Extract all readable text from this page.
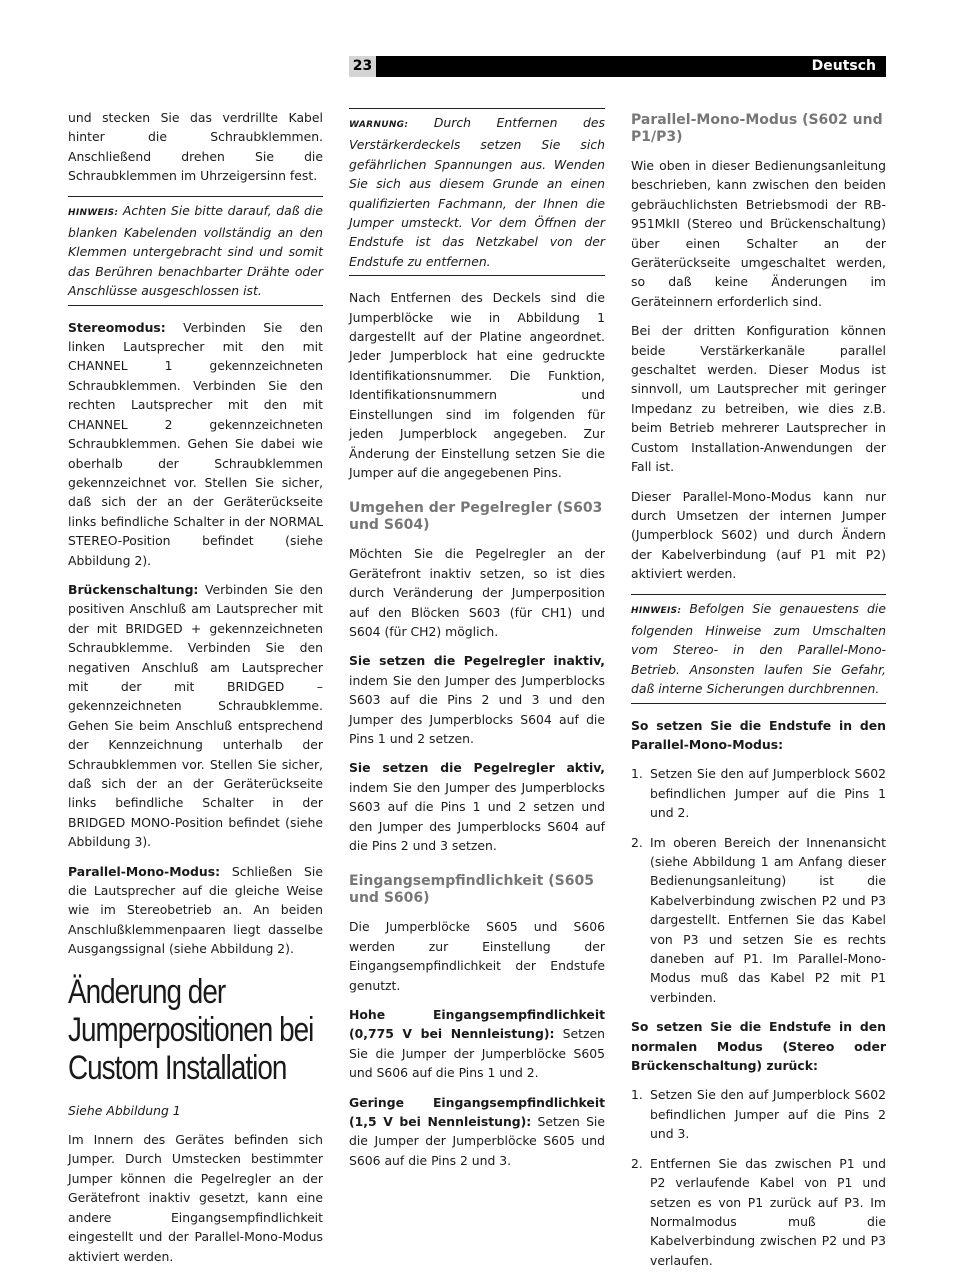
23	Deutsch

und stecken Sie das verdrillte Kabel hinter die Schraubklemmen. Anschließend drehen Sie die Schraubklemmen im Uhrzeigersinn fest.

HINWEIS: Achten Sie bitte darauf, daß die blanken Kabelenden vollständig an den Klemmen untergebracht sind und somit das Berühren benachbarter Drähte oder Anschlüsse ausgeschlossen ist.

Stereomodus: Verbinden Sie den linken Lautsprecher mit den mit CHANNEL 1 gekennzeichneten Schraubklemmen. Verbinden Sie den rechten Lautsprecher mit den mit CHANNEL 2 gekennzeichneten Schraubklemmen. Gehen Sie dabei wie oberhalb der Schraubklemmen gekennzeichnet vor. Stellen Sie sicher, daß sich der an der Geräterückseite links befindliche Schalter in der NORMAL STEREO-Position befindet (siehe Abbildung 2).

Brückenschaltung: Verbinden Sie den positiven Anschluß am Lautsprecher mit der mit BRIDGED + gekennzeichneten Schraubklemme. Verbinden Sie den negativen Anschluß am Lautsprecher mit der mit BRIDGED – gekennzeichneten Schraubklemme. Gehen Sie beim Anschluß entsprechend der Kennzeichnung unterhalb der Schraubklemmen vor. Stellen Sie sicher, daß sich der an der Geräterückseite links befindliche Schalter in der BRIDGED MONO-Position befindet (siehe Abbildung 3).

Parallel-Mono-Modus: Schließen Sie die Lautsprecher auf die gleiche Weise wie im Stereobetrieb an. An beiden Anschlußklemmenpaaren liegt dasselbe Ausgangssignal (siehe Abbildung 2).

Änderung der Jumperpositionen bei Custom Installation

Siehe Abbildung 1

Im Innern des Gerätes befinden sich Jumper. Durch Umstecken bestimmter Jumper können die Pegelregler an der Gerätefront inaktiv gesetzt, kann eine andere Eingangsempfindlichkeit eingestellt und der Parallel-Mono-Modus aktiviert werden.

WARNUNG: Durch Entfernen des Verstärkerdeckels setzen Sie sich gefährlichen Spannungen aus. Wenden Sie sich aus diesem Grunde an einen qualifizierten Fachmann, der Ihnen die Jumper umsteckt. Vor dem Öffnen der Endstufe ist das Netzkabel von der Endstufe zu entfernen.

Nach Entfernen des Deckels sind die Jumperblöcke wie in Abbildung 1 dargestellt auf der Platine angeordnet. Jeder Jumperblock hat eine gedruckte Identifikationsnummer. Die Funktion, Identifikationsnummern und Einstellungen sind im folgenden für jeden Jumperblock angegeben. Zur Änderung der Einstellung setzen Sie die Jumper auf die angegebenen Pins.

Umgehen der Pegelregler (S603 und S604)

Möchten Sie die Pegelregler an der Gerätefront inaktiv setzen, so ist dies durch Veränderung der Jumperposition auf den Blöcken S603 (für CH1) und S604 (für CH2) möglich.

Sie setzen die Pegelregler inaktiv, indem Sie den Jumper des Jumperblocks S603 auf die Pins 2 und 3 und den Jumper des Jumperblocks S604 auf die Pins 1 und 2 setzen.

Sie setzen die Pegelregler aktiv, indem Sie den Jumper des Jumperblocks S603 auf die Pins 1 und 2 setzen und den Jumper des Jumperblocks S604 auf die Pins 2 und 3 setzen.

Eingangsempfindlichkeit (S605 und S606)

Die Jumperblöcke S605 und S606 werden zur Einstellung der Eingangsempfindlichkeit der Endstufe genutzt.

Hohe Eingangsempfindlichkeit (0,775 V bei Nennleistung): Setzen Sie die Jumper der Jumperblöcke S605 und S606 auf die Pins 1 und 2.

Geringe Eingangsempfindlichkeit (1,5 V bei Nennleistung): Setzen Sie die Jumper der Jumperblöcke S605 und S606 auf die Pins 2 und 3.

Parallel-Mono-Modus (S602 und P1/P3)

Wie oben in dieser Bedienungsanleitung beschrieben, kann zwischen den beiden gebräuchlichsten Betriebsmodi der RB-951MkII (Stereo und Brückenschaltung) über einen Schalter an der Geräterückseite umgeschaltet werden, so daß keine Änderungen im Geräteinnern erforderlich sind.

Bei der dritten Konfiguration können beide Verstärkerkanäle parallel geschaltet werden. Dieser Modus ist sinnvoll, um Lautsprecher mit geringer Impedanz zu betreiben, wie dies z.B. beim Betrieb mehrerer Lautsprecher in Custom Installation-Anwendungen der Fall ist.

Dieser Parallel-Mono-Modus kann nur durch Umsetzen der internen Jumper (Jumperblock S602) und durch Ändern der Kabelverbindung (auf P1 mit P2) aktiviert werden.

HINWEIS: Befolgen Sie genauestens die folgenden Hinweise zum Umschalten vom Stereo- in den Parallel-Mono-Betrieb. Ansonsten laufen Sie Gefahr, daß interne Sicherungen durchbrennen.

So setzen Sie die Endstufe in den Parallel-Mono-Modus:

1. Setzen Sie den auf Jumperblock S602 befindlichen Jumper auf die Pins 1 und 2.
2. Im oberen Bereich der Innenansicht (siehe Abbildung 1 am Anfang dieser Bedienungsanleitung) ist die Kabelverbindung zwischen P2 und P3 dargestellt. Entfernen Sie das Kabel von P3 und setzen Sie es rechts daneben auf P1. Im Parallel-Mono-Modus muß das Kabel P2 mit P1 verbinden.

So setzen Sie die Endstufe in den normalen Modus (Stereo oder Brückenschaltung) zurück:

1. Setzen Sie den auf Jumperblock S602 befindlichen Jumper auf die Pins 2 und 3.
2. Entfernen Sie das zwischen P1 und P2 verlaufende Kabel von P1 und setzen es von P1 zurück auf P3. Im Normalmodus muß die Kabelverbindung zwischen P2 und P3 verlaufen.
